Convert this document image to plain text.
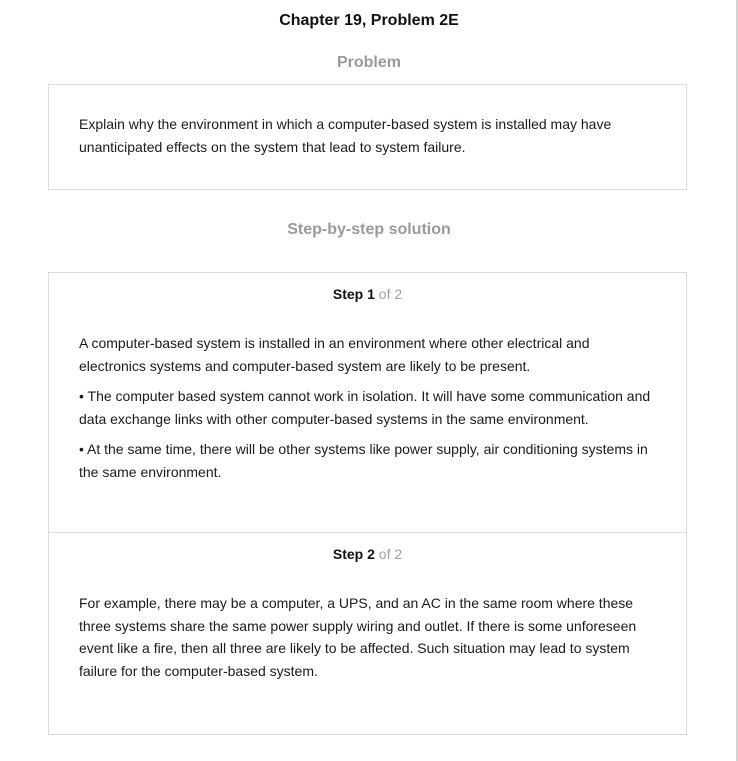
Chapter 19, Problem 2E
Problem

Explain why the environment in which a computer-based system is installed may have unanticipated effects on the system that lead to system failure.

Step-by-step solution
Step 1 of 2

A computer-based system is installed in an environment where other electrical and electronics systems and computer-based system are likely to be present.

• The computer based system cannot work in isolation. It will have some communication and data exchange links with other computer-based systems in the same environment.

• At the same time, there will be other systems like power supply, air conditioning systems in the same environment.

Step 2 of 2

For example, there may be a computer, a UPS, and an AC in the same room where these three systems share the same power supply wiring and outlet. If there is some unforeseen event like a fire, then all three are likely to be affected. Such situation may lead to system failure for the computer-based system.
